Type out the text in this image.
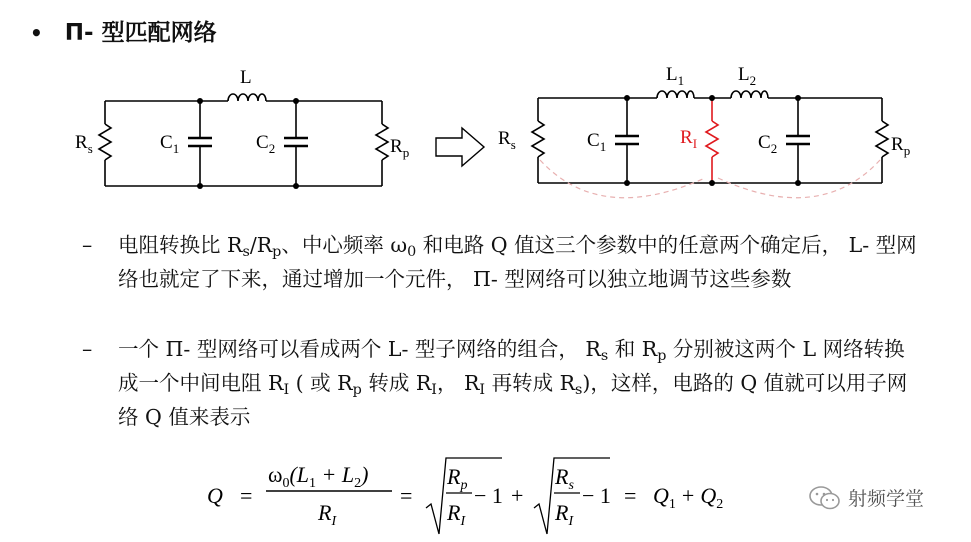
• Π- 型匹配网络
L
$R_s$	$C_1$	$C_2$	$R_p$
$L_1$	$L_2$
$R_s$	$C_1$	$R_I$	$C_2$	$R_p$
– 电阻转换比 $R_s/R_p$、中心频率 $\omega_0$ 和电路 Q 值这三个参数中的任意两个确定后， L- 型网络也就定了下来，通过增加一个元件， Π- 型网络可以独立地调节这些参数
– 一个 Π- 型网络可以看成两个 L- 型子网络的组合， $R_s$ 和 $R_p$ 分别被这两个 L 网络转换成一个中间电阻 $R_I$ ( 或 $R_p$ 转成 $R_I$， $R_I$ 再转成 $R_s$)，这样，电路的 Q 值就可以用子网络 Q 值来表示
Q =
$\omega_0(L_1 + L_2)$
$R_I$
=
$R_p$
$R_I$
− 1 +
$R_s$
$R_I$
− $1 = Q_1 + Q_2$	射频学堂
